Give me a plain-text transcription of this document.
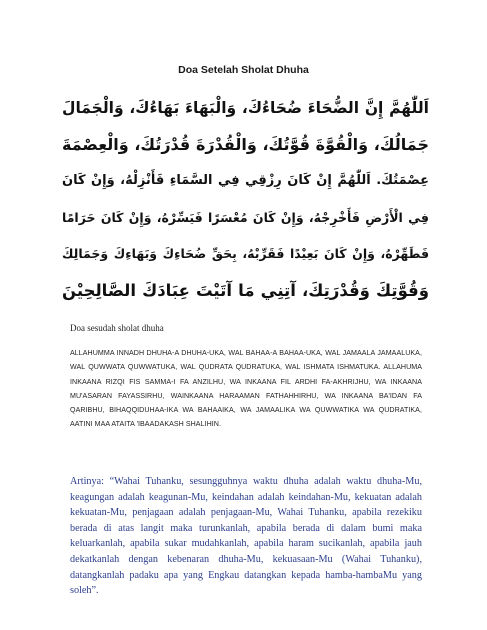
Doa Setelah Sholat Dhuha
اَللّٰهُمَّ إِنَّ الضُّحَاءَ ضُحَاءُكَ، وَالْبَهَاءَ بَهَاءُكَ، وَالْجَمَالَ
جَمَالُكَ، وَالْقُوَّةَ قُوَّتُكَ، وَالْقُدْرَةَ قُدْرَتُكَ، وَالْعِصْمَةَ
عِصْمَتُكَ. اَللّٰهُمَّ إِنْ كَانَ رِزْقِي فِي السَّمَاءِ فَأَنْزِلْهُ، وَإِنْ كَانَ
فِي الْأَرْضِ فَأَخْرِجْهُ، وَإِنْ كَانَ مُعْسَرًا فَيَسِّرْهُ، وَإِنْ كَانَ حَرَامًا
فَطَهِّرْهُ، وَإِنْ كَانَ بَعِيْدًا فَقَرِّبْهُ، بِحَقِّ ضُحَاءِكَ وَبَهَاءِكَ وَجَمَالِكَ
وَقُوَّتِكَ وَقُدْرَتِكَ، آتِنِي مَا آتَيْتَ عِبَادَكَ الصَّالِحِيْنَ
Doa sesudah sholat dhuha
ALLAHUMMA INNADH DHUHA-A DHUHA-UKA, WAL BAHAA-A BAHAA-UKA, WAL JAMAALA JAMAALUKA, WAL QUWWATA QUWWATUKA, WAL QUDRATA QUDRATUKA, WAL ISHMATA ISHMATUKA. ALLAHUMA INKAANA RIZQI FIS SAMMA-I FA ANZILHU, WA INKAANA FIL ARDHI FA-AKHRIJHU, WA INKAANA MU'ASARAN FAYASSIRHU, WAINKAANA HARAAMAN FATHAHHIRHU, WA INKAANA BA'IDAN FA QARIBHU, BIHAQQIDUHAA-IKA WA BAHAAIKA, WA JAMAALIKA WA QUWWATIKA WA QUDRATIKA, AATINI MAA ATAITA 'IBAADAKASH SHALIHIN.
Artinya: “Wahai Tuhanku, sesungguhnya waktu dhuha adalah waktu dhuha-Mu, keagungan adalah keagunan-Mu, keindahan adalah keindahan-Mu, kekuatan adalah kekuatan-Mu, penjagaan adalah penjagaan-Mu, Wahai Tuhanku, apabila rezekiku berada di atas langit maka turunkanlah, apabila berada di dalam bumi maka keluarkanlah, apabila sukar mudahkanlah, apabila haram sucikanlah, apabila jauh dekatkanlah dengan kebenaran dhuha-Mu, kekuasaan-Mu (Wahai Tuhanku), datangkanlah padaku apa yang Engkau datangkan kepada hamba-hambaMu yang soleh”.
